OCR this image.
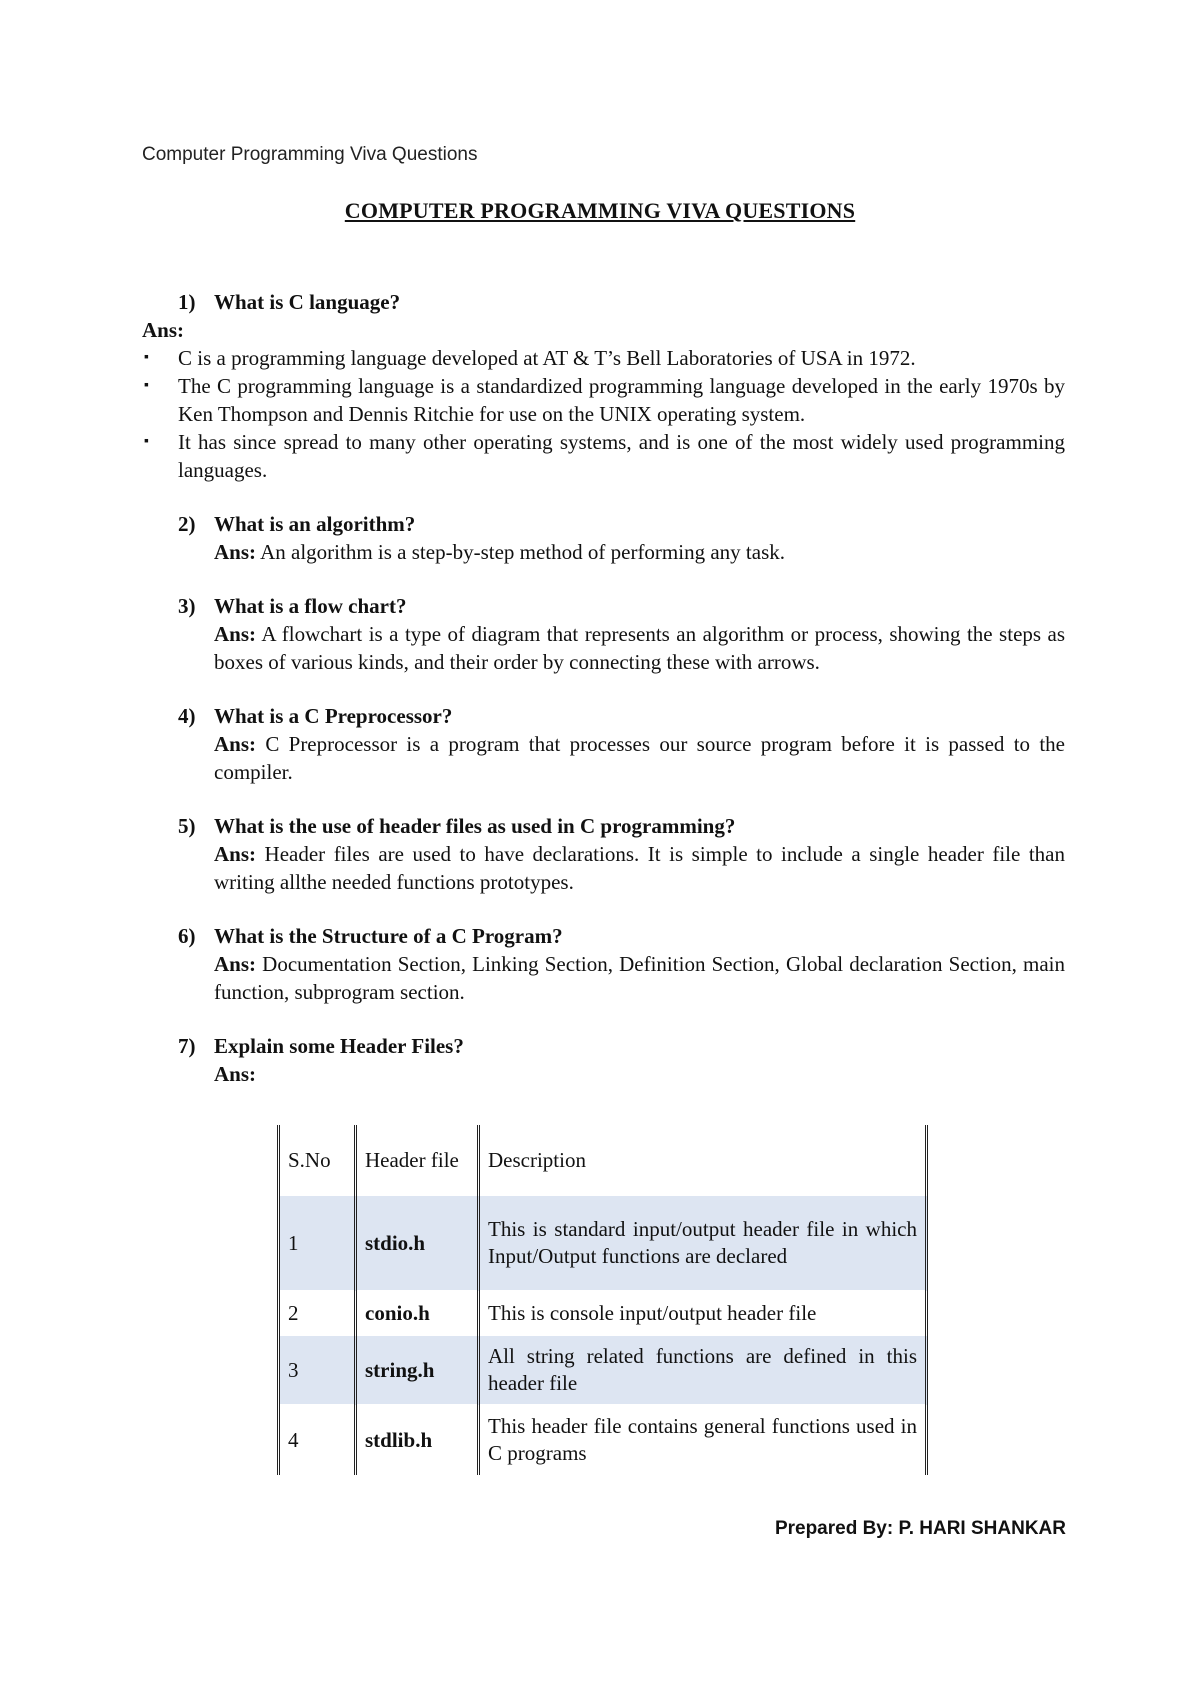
Computer Programming Viva Questions
COMPUTER PROGRAMMING VIVA QUESTIONS
1) What is C language?
Ans:
▪ C is a programming language developed at AT & T’s Bell Laboratories of USA in 1972.
▪ The C programming language is a standardized programming language developed in the early 1970s by Ken Thompson and Dennis Ritchie for use on the UNIX operating system.
▪ It has since spread to many other operating systems, and is one of the most widely used programming languages.
2) What is an algorithm?
Ans: An algorithm is a step-by-step method of performing any task.
3) What is a flow chart?
Ans: A flowchart is a type of diagram that represents an algorithm or process, showing the steps as boxes of various kinds, and their order by connecting these with arrows.
4) What is a C Preprocessor?
Ans: C Preprocessor is a program that processes our source program before it is passed to the compiler.
5) What is the use of header files as used in C programming?
Ans: Header files are used to have declarations. It is simple to include a single header file than writing allthe needed functions prototypes.
6) What is the Structure of a C Program?
Ans: Documentation Section, Linking Section, Definition Section, Global declaration Section, main function, subprogram section.
7) Explain some Header Files?
Ans:
S.No	Header file	Description
1	stdio.h	This is standard input/output header file in which Input/Output functions are declared
2	conio.h	This is console input/output header file
3	string.h	All string related functions are defined in this header file
4	stdlib.h	This header file contains general functions used in C programs
Prepared By: P. HARI SHANKAR
